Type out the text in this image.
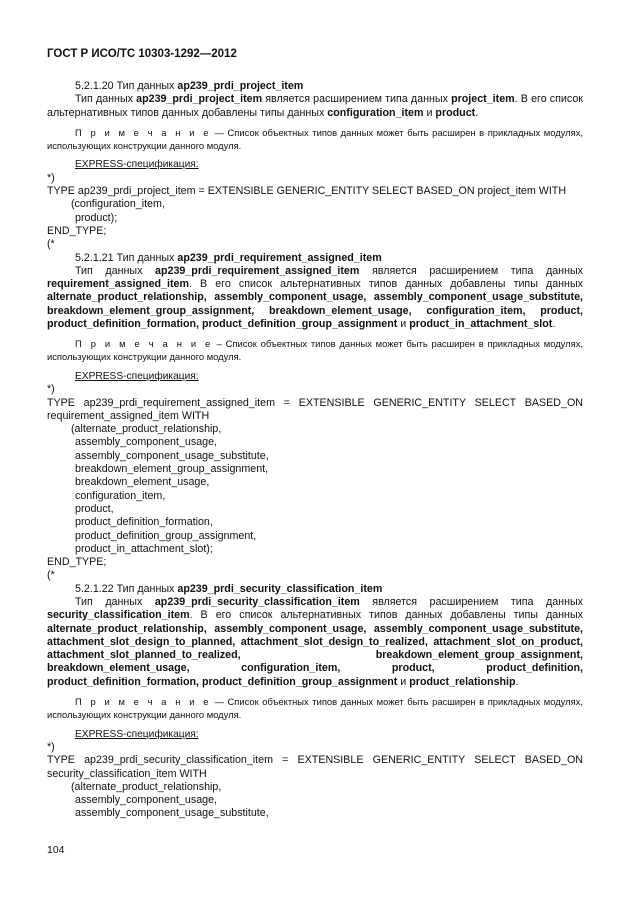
ГОСТ Р ИСО/ТС 10303-1292—2012

5.2.1.20 Тип данных ap239_prdi_project_item

Тип данных ap239_prdi_project_item является расширением типа данных project_item. В его список альтернативных типов данных добавлены типы данных configuration_item и product.

П р и м е ч а н и е — Список объектных типов данных может быть расширен в прикладных модулях, использующих конструкции данного модуля.

EXPRESS-спецификация:
*)
TYPE ap239_prdi_project_item = EXTENSIBLE GENERIC_ENTITY SELECT BASED_ON project_item WITH
(configuration_item,
product);
END_TYPE;
(*

5.2.1.21 Тип данных ap239_prdi_requirement_assigned_item

Тип данных ap239_prdi_requirement_assigned_item является расширением типа данных requirement_assigned_item. В его список альтернативных типов данных добавлены типы данных alternate_product_relationship, assembly_component_usage, assembly_component_usage_substitute, breakdown_element_group_assignment, breakdown_element_usage, configuration_item, product, product_definition_formation, product_definition_group_assignment и product_in_attachment_slot.

П р и м е ч а н и е – Список объектных типов данных может быть расширен в прикладных модулях, использующих конструкции данного модуля.

EXPRESS-спецификация:
*)
TYPE ap239_prdi_requirement_assigned_item = EXTENSIBLE GENERIC_ENTITY SELECT BASED_ON requirement_assigned_item WITH
(alternate_product_relationship,
assembly_component_usage,
assembly_component_usage_substitute,
breakdown_element_group_assignment,
breakdown_element_usage,
configuration_item,
product,
product_definition_formation,
product_definition_group_assignment,
product_in_attachment_slot);
END_TYPE;
(*

5.2.1.22 Тип данных ap239_prdi_security_classification_item

Тип данных ap239_prdi_security_classification_item является расширением типа данных security_classification_item. В его список альтернативных типов данных добавлены типы данных alternate_product_relationship, assembly_component_usage, assembly_component_usage_substitute, attachment_slot_design_to_planned, attachment_slot_design_to_realized, attachment_slot_on_product, attachment_slot_planned_to_realized, breakdown_element_group_assignment, breakdown_element_usage, configuration_item, product, product_definition, product_definition_formation, product_definition_group_assignment и product_relationship.

П р и м е ч а н и е — Список объектных типов данных может быть расширен в прикладных модулях, использующих конструкции данного модуля.

EXPRESS-спецификация:
*)
TYPE ap239_prdi_security_classification_item = EXTENSIBLE GENERIC_ENTITY SELECT BASED_ON security_classification_item WITH
(alternate_product_relationship,
assembly_component_usage,
assembly_component_usage_substitute,
104
